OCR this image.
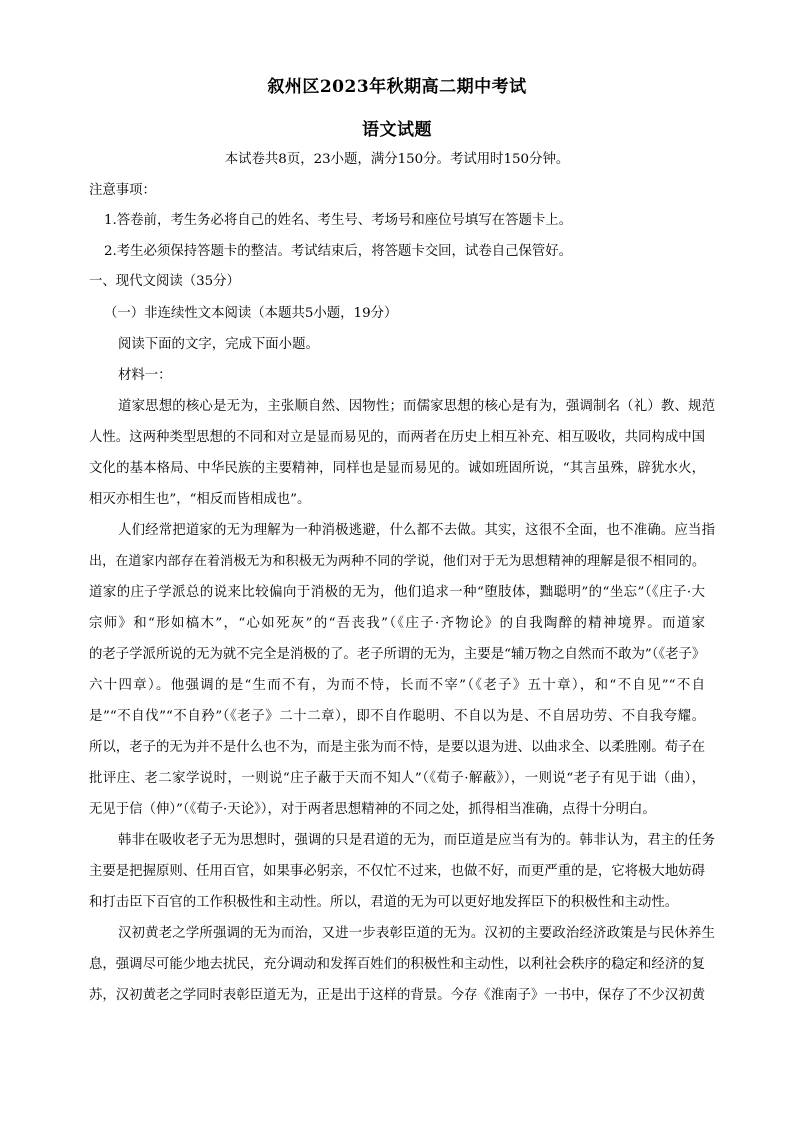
叙州区2023年秋期高二期中考试
语文试题
本试卷共8页，23小题，满分150分。考试用时150分钟。
注意事项：
1.答卷前，考生务必将自己的姓名、考生号、考场号和座位号填写在答题卡上。
2.考生必须保持答题卡的整洁。考试结束后，将答题卡交回，试卷自己保管好。
一、现代文阅读（35分）
（一）非连续性文本阅读（本题共5小题，19分）
阅读下面的文字，完成下面小题。
材料一：
道家思想的核心是无为，主张顺自然、因物性；而儒家思想的核心是有为，强调制名（礼）教、规范
人性。这两种类型思想的不同和对立是显而易见的，而两者在历史上相互补充、相互吸收，共同构成中国
文化的基本格局、中华民族的主要精神，同样也是显而易见的。诚如班固所说，“其言虽殊，辟犹水火，
相灭亦相生也”，“相反而皆相成也”。
人们经常把道家的无为理解为一种消极逃避，什么都不去做。其实，这很不全面，也不准确。应当指
出，在道家内部存在着消极无为和积极无为两种不同的学说，他们对于无为思想精神的理解是很不相同的。
道家的庄子学派总的说来比较偏向于消极的无为，他们追求一种“堕肢体，黜聪明”的“坐忘”（《庄子·大
宗师》和“形如槁木”，“心如死灰”的“吾丧我”（《庄子·齐物论》的自我陶醉的精神境界。而道家
的老子学派所说的无为就不完全是消极的了。老子所谓的无为，主要是“辅万物之自然而不敢为”（《老子》
六十四章）。他强调的是“生而不有，为而不恃，长而不宰”（《老子》五十章），和“不自见”“不自
是”“不自伐”“不自矜”（《老子》二十二章），即不自作聪明、不自以为是、不自居功劳、不自我夸耀。
所以，老子的无为并不是什么也不为，而是主张为而不恃，是要以退为进、以曲求全、以柔胜刚。荀子在
批评庄、老二家学说时，一则说“庄子蔽于天而不知人”（《荀子·解蔽》），一则说“老子有见于诎（曲），
无见于信（伸）”（《荀子·天论》），对于两者思想精神的不同之处，抓得相当准确，点得十分明白。
韩非在吸收老子无为思想时，强调的只是君道的无为，而臣道是应当有为的。韩非认为，君主的任务
主要是把握原则、任用百官，如果事必躬亲，不仅忙不过来，也做不好，而更严重的是，它将极大地妨碍
和打击臣下百官的工作积极性和主动性。所以，君道的无为可以更好地发挥臣下的积极性和主动性。
汉初黄老之学所强调的无为而治，又进一步表彰臣道的无为。汉初的主要政治经济政策是与民休养生
息，强调尽可能少地去扰民，充分调动和发挥百姓们的积极性和主动性，以利社会秩序的稳定和经济的复
苏，汉初黄老之学同时表彰臣道无为，正是出于这样的背景。今存《淮南子》一书中，保存了不少汉初黄
